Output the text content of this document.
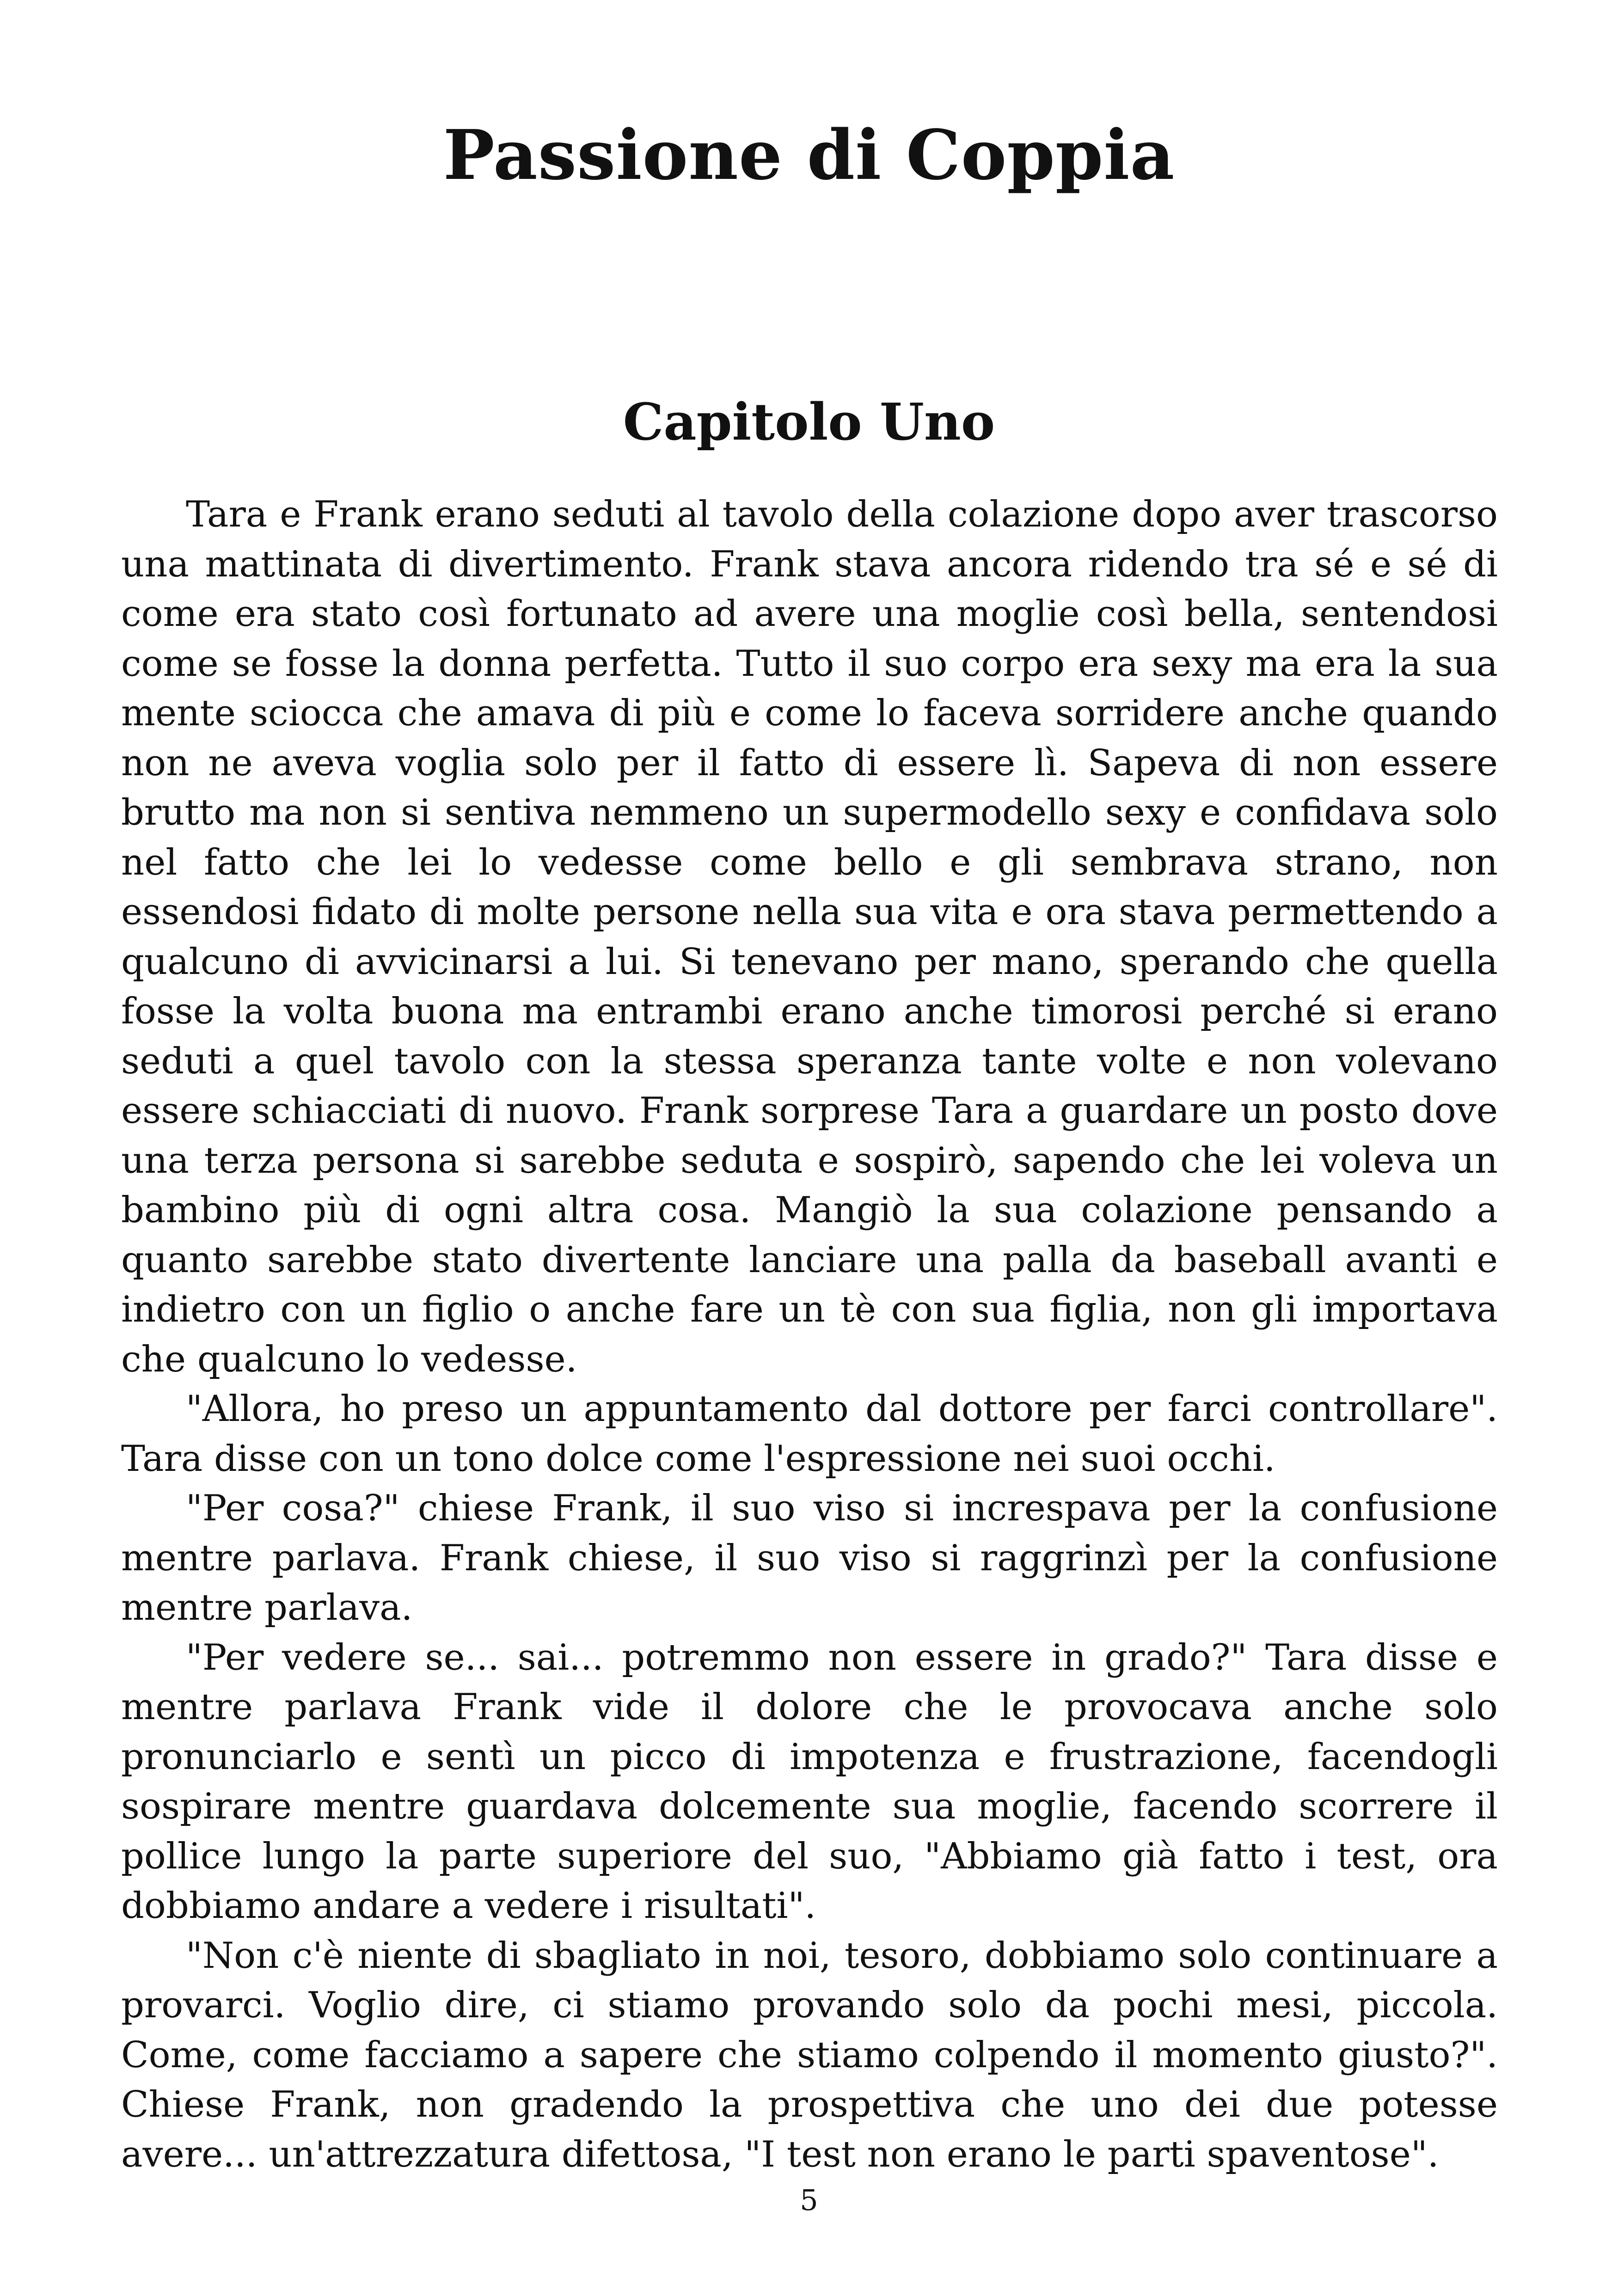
Passione di Coppia
Capitolo Uno

Tara e Frank erano seduti al tavolo della colazione dopo aver trascorso una mattinata di divertimento. Frank stava ancora ridendo tra sé e sé di come era stato così fortunato ad avere una moglie così bella, sentendosi come se fosse la donna perfetta. Tutto il suo corpo era sexy ma era la sua mente sciocca che amava di più e come lo faceva sorridere anche quando non ne aveva voglia solo per il fatto di essere lì. Sapeva di non essere brutto ma non si sentiva nemmeno un supermodello sexy e confidava solo nel fatto che lei lo vedesse come bello e gli sembrava strano, non essendosi fidato di molte persone nella sua vita e ora stava permettendo a qualcuno di avvicinarsi a lui. Si tenevano per mano, sperando che quella fosse la volta buona ma entrambi erano anche timorosi perché si erano seduti a quel tavolo con la stessa speranza tante volte e non volevano essere schiacciati di nuovo. Frank sorprese Tara a guardare un posto dove una terza persona si sarebbe seduta e sospirò, sapendo che lei voleva un bambino più di ogni altra cosa. Mangiò la sua colazione pensando a quanto sarebbe stato divertente lanciare una palla da baseball avanti e indietro con un figlio o anche fare un tè con sua figlia, non gli importava che qualcuno lo vedesse.

"Allora, ho preso un appuntamento dal dottore per farci controllare". Tara disse con un tono dolce come l'espressione nei suoi occhi.

"Per cosa?" chiese Frank, il suo viso si increspava per la confusione mentre parlava. Frank chiese, il suo viso si raggrinzì per la confusione mentre parlava.

"Per vedere se... sai... potremmo non essere in grado?" Tara disse e mentre parlava Frank vide il dolore che le provocava anche solo pronunciarlo e sentì un picco di impotenza e frustrazione, facendogli sospirare mentre guardava dolcemente sua moglie, facendo scorrere il pollice lungo la parte superiore del suo, "Abbiamo già fatto i test, ora dobbiamo andare a vedere i risultati".

"Non c'è niente di sbagliato in noi, tesoro, dobbiamo solo continuare a provarci. Voglio dire, ci stiamo provando solo da pochi mesi, piccola. Come, come facciamo a sapere che stiamo colpendo il momento giusto?". Chiese Frank, non gradendo la prospettiva che uno dei due potesse avere... un'attrezzatura difettosa, "I test non erano le parti spaventose".

5
